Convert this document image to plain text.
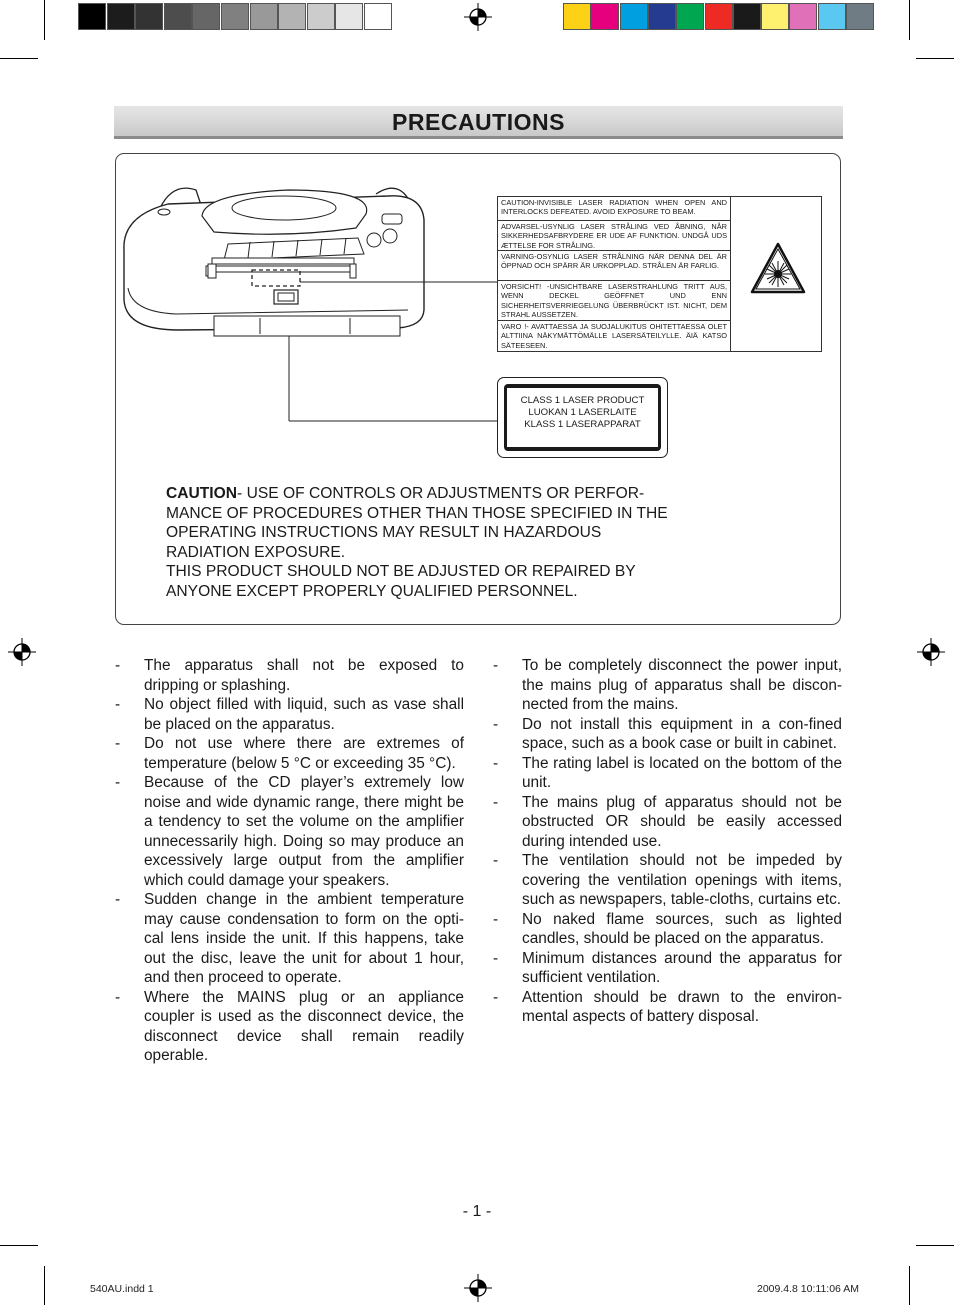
PRECAUTIONS
CAUTION-INVISIBLE LASER RADIATION WHEN OPEN AND INTERLOCKS DEFEATED. AVOID EXPOSURE TO BEAM.
ADVARSEL-USYNLIG LASER STRÅLING VED ÅBNING, NÅR SIKKERHEDSAFBRYDERE ER UDE AF FUNKTION. UNDGÅ UDS ÆTTELSE FOR STRÅLING.
VARNING-OSYNLIG LASER STRÅLNING NÄR DENNA DEL ÄR ÖPPNAD OCH SPÄRR ÄR URKOPPLAD. STRÅLEN ÄR FARLIG.
VORSICHT! -UNSICHTBARE LASERSTRAHLUNG TRITT AUS, WENN DECKEL GEÖFFNET UND ENN SICHERHEITSVERRIEGELUNG ÜBERBRÜCKT IST. NICHT, DEM STRAHL AUSSETZEN.
VARO !- AVATTAESSA JA SUOJALUKITUS OHITETTAESSA OLET ALTTIINA NÄKYMÄTTÖMÄLLE LASERSÄTEILYLLE. ÄIÄ KATSO SÄTEESEEN.
CLASS 1 LASER PRODUCT
LUOKAN 1 LASERLAITE
KLASS 1 LASERAPPARAT
CAUTION- USE OF CONTROLS OR ADJUSTMENTS OR PERFOR-MANCE OF PROCEDURES OTHER THAN THOSE SPECIFIED IN THE OPERATING INSTRUCTIONS MAY RESULT IN HAZARDOUS RADIATION EXPOSURE.
THIS PRODUCT SHOULD NOT BE ADJUSTED OR REPAIRED BY ANYONE EXCEPT PROPERLY QUALIFIED PERSONNEL.
-	The apparatus shall not be exposed to dripping or splashing.
-	No object filled with liquid, such as vase shall be placed on the apparatus.
-	Do not use where there are extremes of temperature (below 5 °C or exceeding 35 °C).
-	Because of the CD player’s extremely low noise and wide dynamic range, there might be a tendency to set the volume on the amplifier unnecessarily high. Doing so may produce an excessively large output from the amplifier which could damage your speakers.
-	Sudden change in the ambient temperature may cause condensation to form on the opti-cal lens inside the unit. If this happens, take out the disc, leave the unit for about 1 hour, and then proceed to operate.
-	Where the MAINS plug or an appliance coupler is used as the disconnect device, the disconnect device shall remain readily operable.
-	To be completely disconnect the power input, the mains plug of apparatus shall be discon-nected from the mains.
-	Do not install this equipment in a con-fined space, such as a book case or built in cabinet.
-	The rating label is located on the bottom of the unit.
-	The mains plug of apparatus should not be obstructed OR should be easily accessed during intended use.
-	The ventilation should not be impeded by covering the ventilation openings with items, such as newspapers, table-cloths, curtains etc.
-	No naked flame sources, such as lighted candles, should be placed on the apparatus.
-	Minimum distances around the apparatus for sufficient ventilation.
-	Attention should be drawn to the environ-mental aspects of battery disposal.
- 1 -
540AU.indd 1	2009.4.8 10:11:06 AM
